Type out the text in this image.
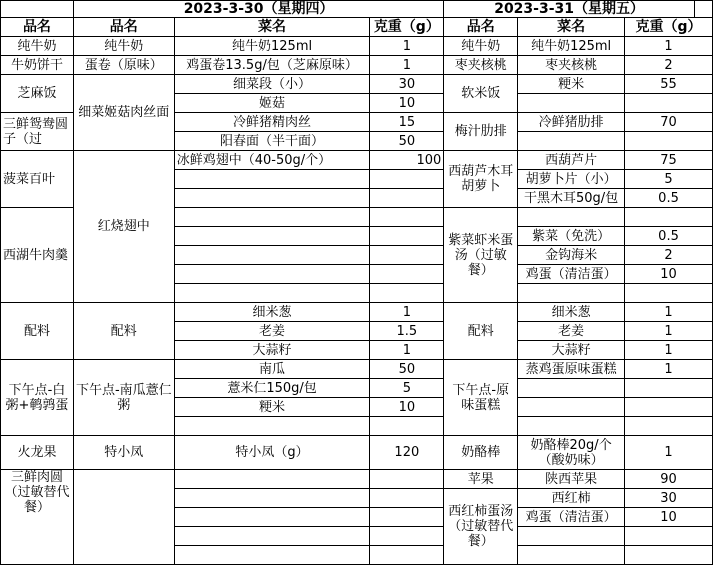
	2023-3-30（星期四）			2023-3-31（星期五）			
品名	品名	菜名	克重（g）	品名	菜名	克重（g）	
纯牛奶	纯牛奶	纯牛奶125ml	1	纯牛奶	纯牛奶125ml	1	
牛奶饼干	蛋卷（原味）	鸡蛋卷13.5g/包（芝麻原味）	1	枣夹核桃	枣夹核桃	2	
芝麻饭	细菜姬菇肉丝面	细菜段（小）	30	软米饭	粳米	55	
		姬菇	10				
三鲜鸳鸯圆子（过		冷鲜猪精肉丝	15	梅汁肋排	冷鲜猪肋排	70	
		阳春面（半干面）	50				
菠菜百叶	红烧翅中	冰鲜鸡翅中（40-50g/个）	100	西葫芦木耳胡萝卜	西葫芦片	75	
					胡萝卜片（小）	5	
					干黑木耳50g/包	0.5	
西湖牛肉羹				紫菜虾米蛋汤（过敏餐）			
					紫菜（免洗）	0.5	
					金钩海米	2	
					鸡蛋（清洁蛋）	10	

配料	配料	细米葱	1	配料	细米葱	1	
		老姜	1.5		老姜	1	
		大蒜籽	1		大蒜籽	1	
下午点-白粥+鹌鹑蛋	下午点-南瓜薏仁粥	南瓜	50	下午点-原味蛋糕	蒸鸡蛋原味蛋糕	1	
		薏米仁150g/包	5				
		粳米	10				

火龙果	特小凤	特小凤（g）	120	奶酪棒	奶酪棒20g/个（酸奶味）	1	

三鲜肉圆（过敏替代餐）				苹果	陕西苹果	90	
				西红柿蛋汤（过敏替代餐）	西红柿	30	
					鸡蛋（清洁蛋）	10	
